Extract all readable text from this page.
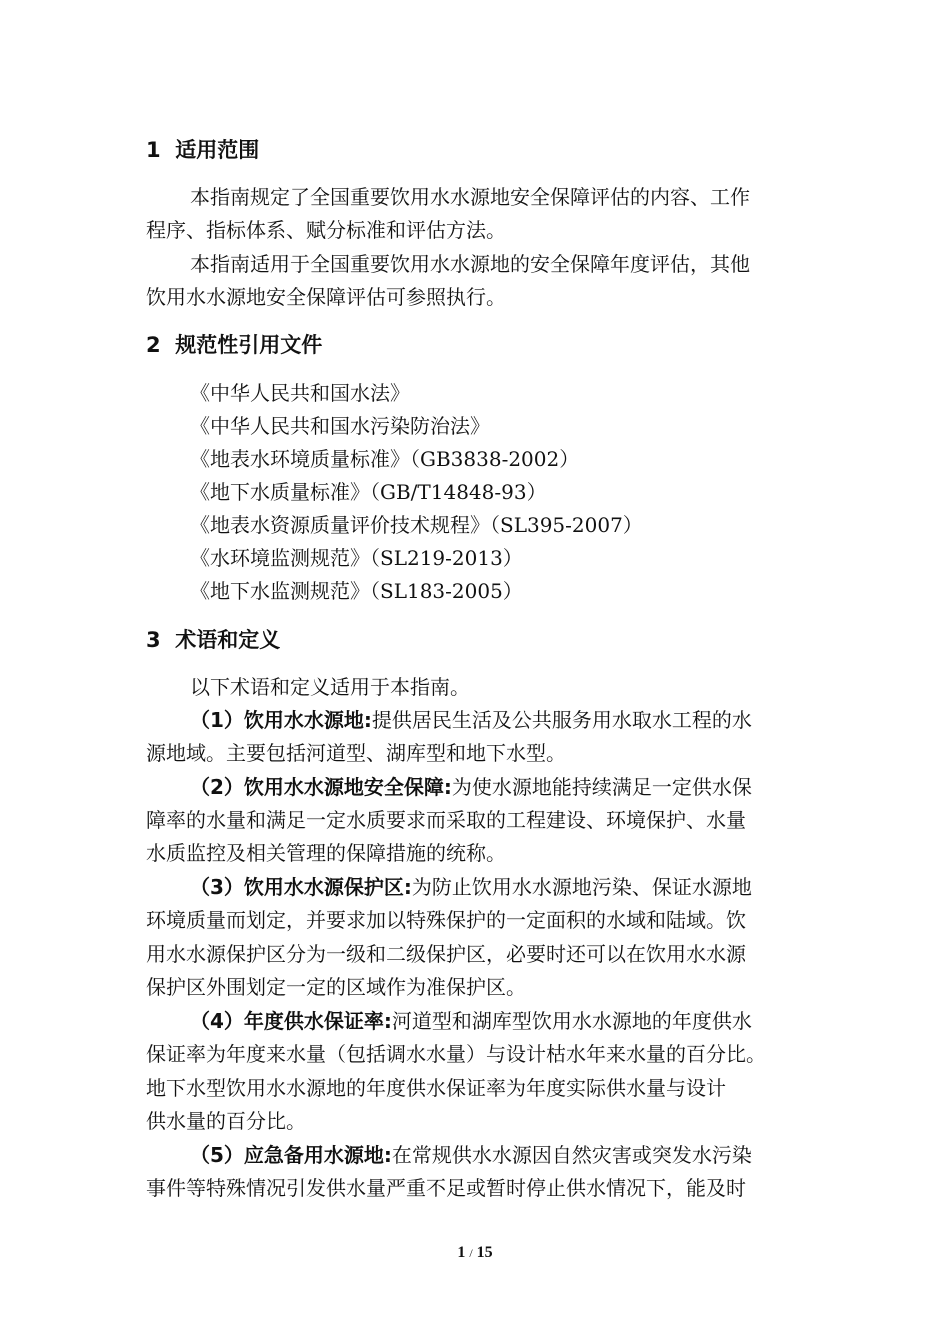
1 适用范围
本指南规定了全国重要饮用水水源地安全保障评估的内容、工作
程序、指标体系、赋分标准和评估方法。
本指南适用于全国重要饮用水水源地的安全保障年度评估，其他
饮用水水源地安全保障评估可参照执行。
2 规范性引用文件
《中华人民共和国水法》
《中华人民共和国水污染防治法》
《地表水环境质量标准》（GB3838-2002）
《地下水质量标准》（GB/T14848-93）
《地表水资源质量评价技术规程》（SL395-2007）
《水环境监测规范》（SL219-2013）
《地下水监测规范》（SL183-2005）
3 术语和定义
以下术语和定义适用于本指南。
（1）饮用水水源地:提供居民生活及公共服务用水取水工程的水
源地域。主要包括河道型、湖库型和地下水型。
（2）饮用水水源地安全保障:为使水源地能持续满足一定供水保
障率的水量和满足一定水质要求而采取的工程建设、环境保护、水量
水质监控及相关管理的保障措施的统称。
（3）饮用水水源保护区:为防止饮用水水源地污染、保证水源地
环境质量而划定，并要求加以特殊保护的一定面积的水域和陆域。饮
用水水源保护区分为一级和二级保护区，必要时还可以在饮用水水源
保护区外围划定一定的区域作为准保护区。
（4）年度供水保证率:河道型和湖库型饮用水水源地的年度供水
保证率为年度来水量（包括调水水量）与设计枯水年来水量的百分比。
地下水型饮用水水源地的年度供水保证率为年度实际供水量与设计
供水量的百分比。
（5）应急备用水源地:在常规供水水源因自然灾害或突发水污染
事件等特殊情况引发供水量严重不足或暂时停止供水情况下，能及时
1 / 15
